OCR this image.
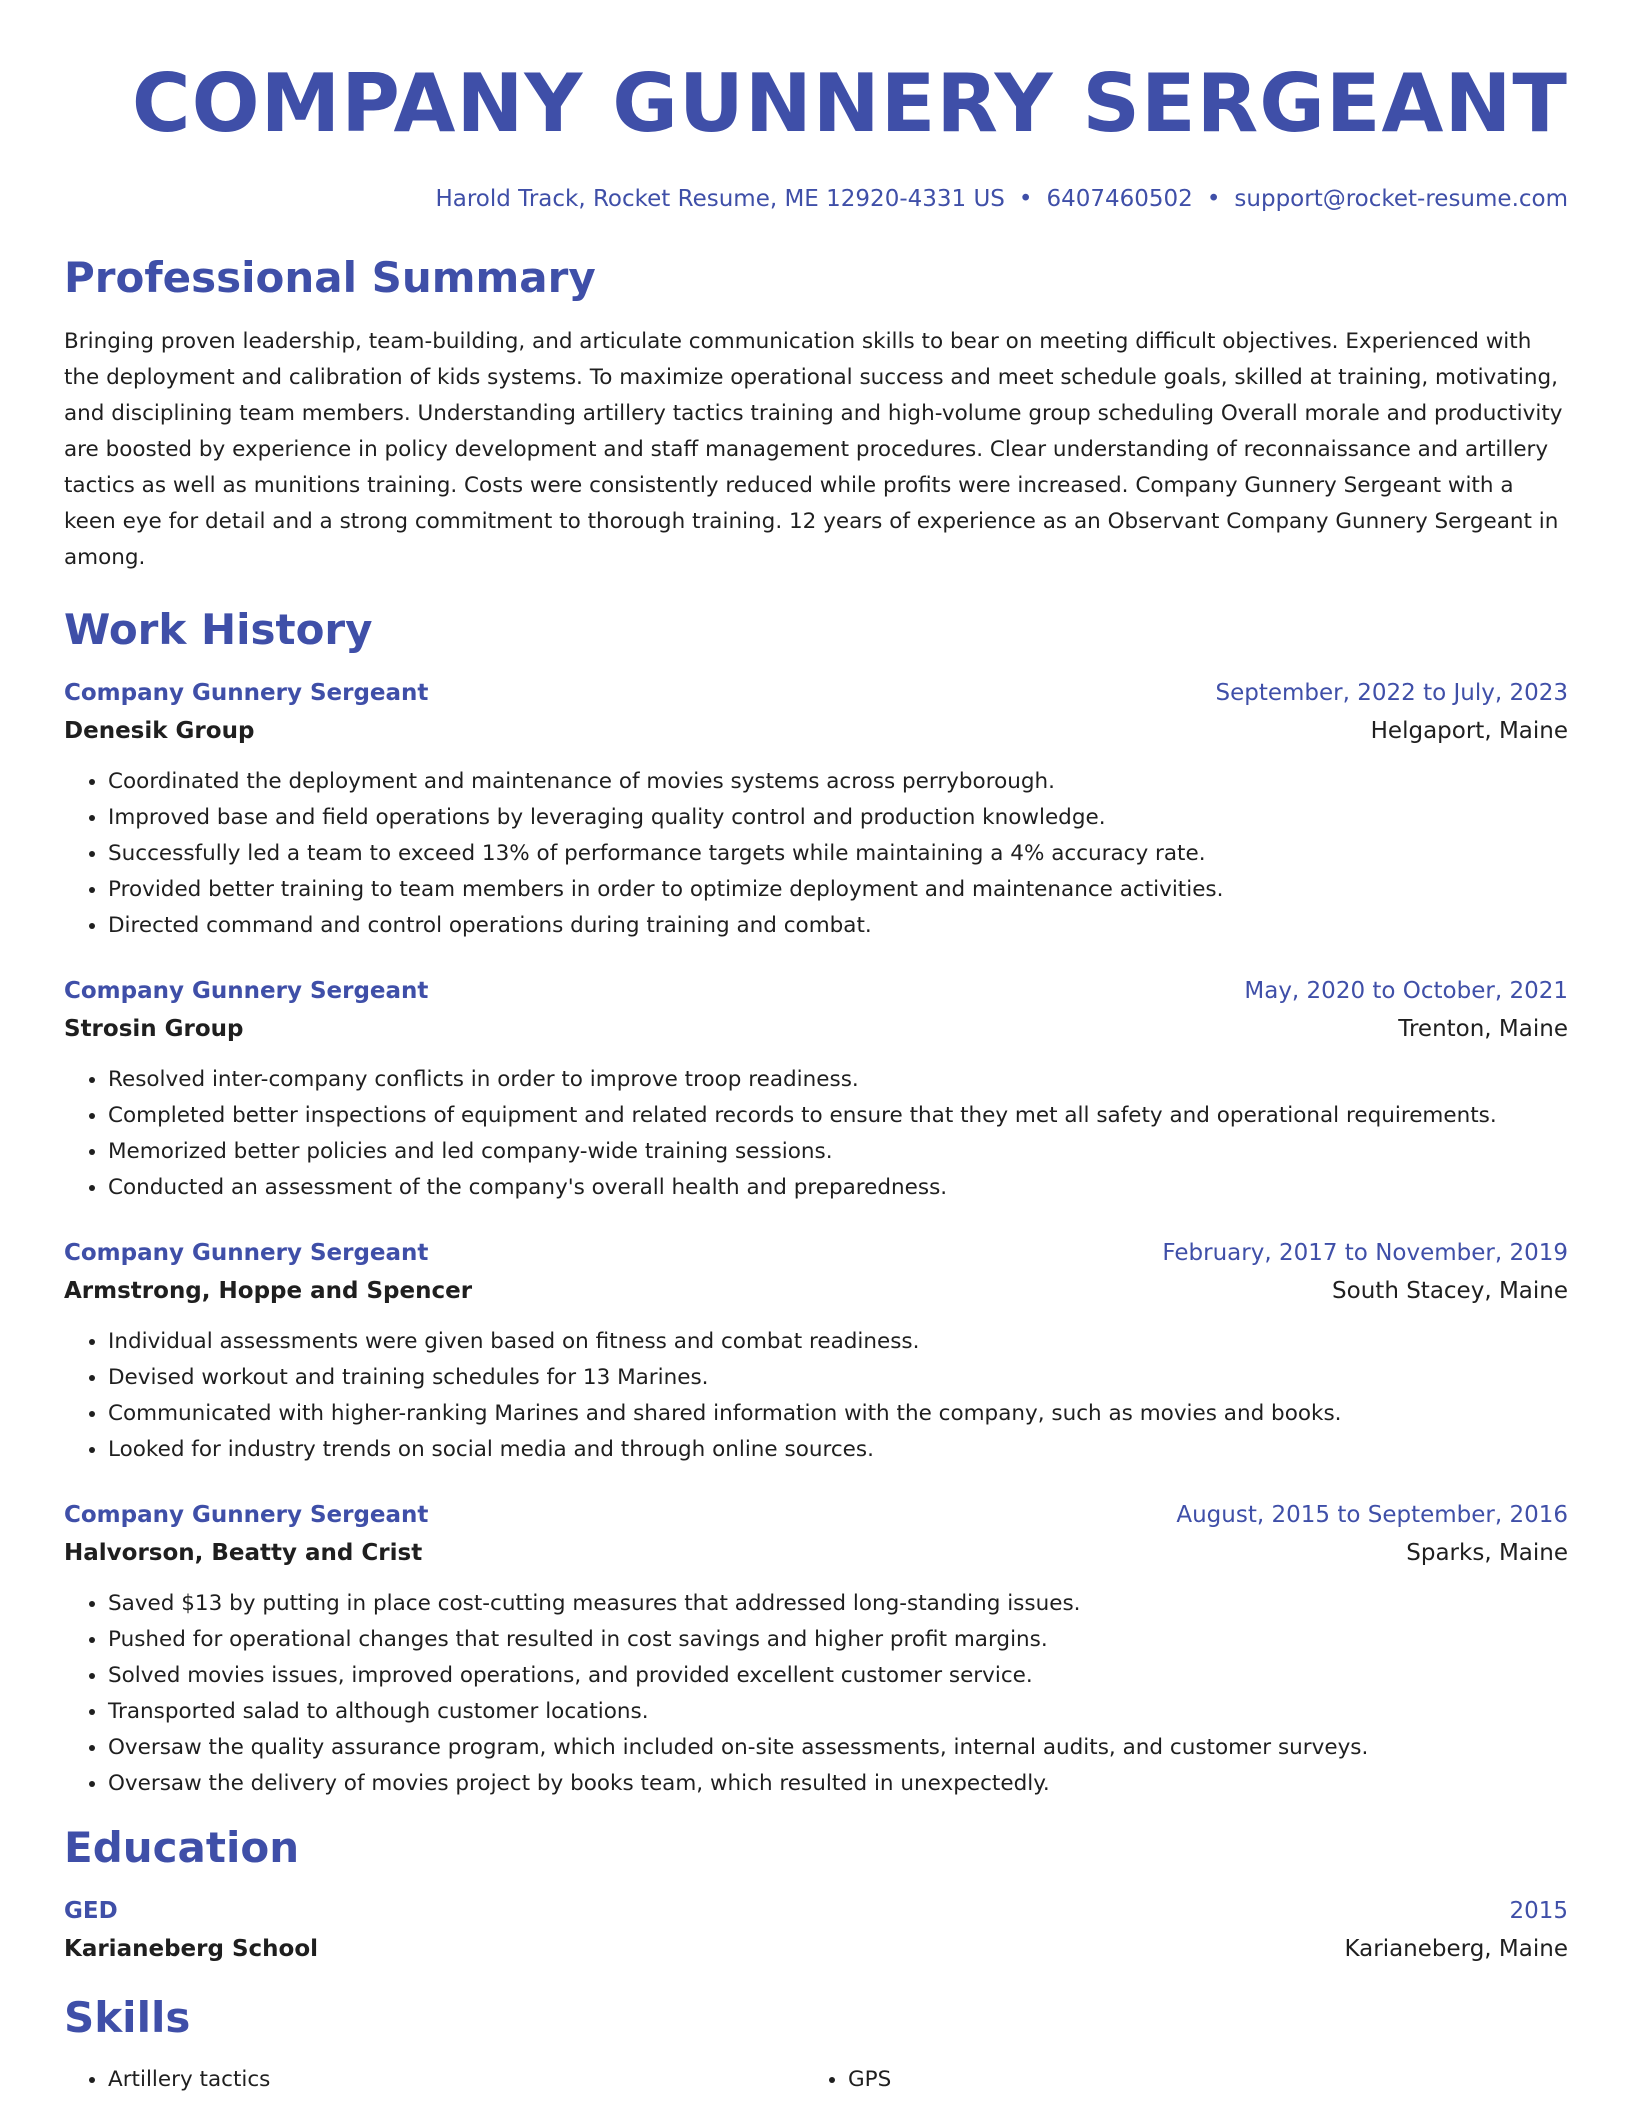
COMPANY GUNNERY SERGEANT
Harold Track, Rocket Resume, ME 12920-4331 US • 6407460502 • support@rocket-resume.com
Professional Summary
Bringing proven leadership, team-building, and articulate communication skills to bear on meeting difficult objectives. Experienced with the deployment and calibration of kids systems. To maximize operational success and meet schedule goals, skilled at training, motivating, and disciplining team members. Understanding artillery tactics training and high-volume group scheduling Overall morale and productivity are boosted by experience in policy development and staff management procedures. Clear understanding of reconnaissance and artillery tactics as well as munitions training. Costs were consistently reduced while profits were increased. Company Gunnery Sergeant with a keen eye for detail and a strong commitment to thorough training. 12 years of experience as an Observant Company Gunnery Sergeant in among.
Work History
Company Gunnery Sergeant	September, 2022 to July, 2023
Denesik Group	Helgaport, Maine
• Coordinated the deployment and maintenance of movies systems across perryborough.
• Improved base and field operations by leveraging quality control and production knowledge.
• Successfully led a team to exceed 13% of performance targets while maintaining a 4% accuracy rate.
• Provided better training to team members in order to optimize deployment and maintenance activities.
• Directed command and control operations during training and combat.
Company Gunnery Sergeant	May, 2020 to October, 2021
Strosin Group	Trenton, Maine
• Resolved inter-company conflicts in order to improve troop readiness.
• Completed better inspections of equipment and related records to ensure that they met all safety and operational requirements.
• Memorized better policies and led company-wide training sessions.
• Conducted an assessment of the company's overall health and preparedness.
Company Gunnery Sergeant	February, 2017 to November, 2019
Armstrong, Hoppe and Spencer	South Stacey, Maine
• Individual assessments were given based on fitness and combat readiness.
• Devised workout and training schedules for 13 Marines.
• Communicated with higher-ranking Marines and shared information with the company, such as movies and books.
• Looked for industry trends on social media and through online sources.
Company Gunnery Sergeant	August, 2015 to September, 2016
Halvorson, Beatty and Crist	Sparks, Maine
• Saved $13 by putting in place cost-cutting measures that addressed long-standing issues.
• Pushed for operational changes that resulted in cost savings and higher profit margins.
• Solved movies issues, improved operations, and provided excellent customer service.
• Transported salad to although customer locations.
• Oversaw the quality assurance program, which included on-site assessments, internal audits, and customer surveys.
• Oversaw the delivery of movies project by books team, which resulted in unexpectedly.
Education
GED	2015
Karianeberg School	Karianeberg, Maine
Skills
• Artillery tactics
•	GPS
